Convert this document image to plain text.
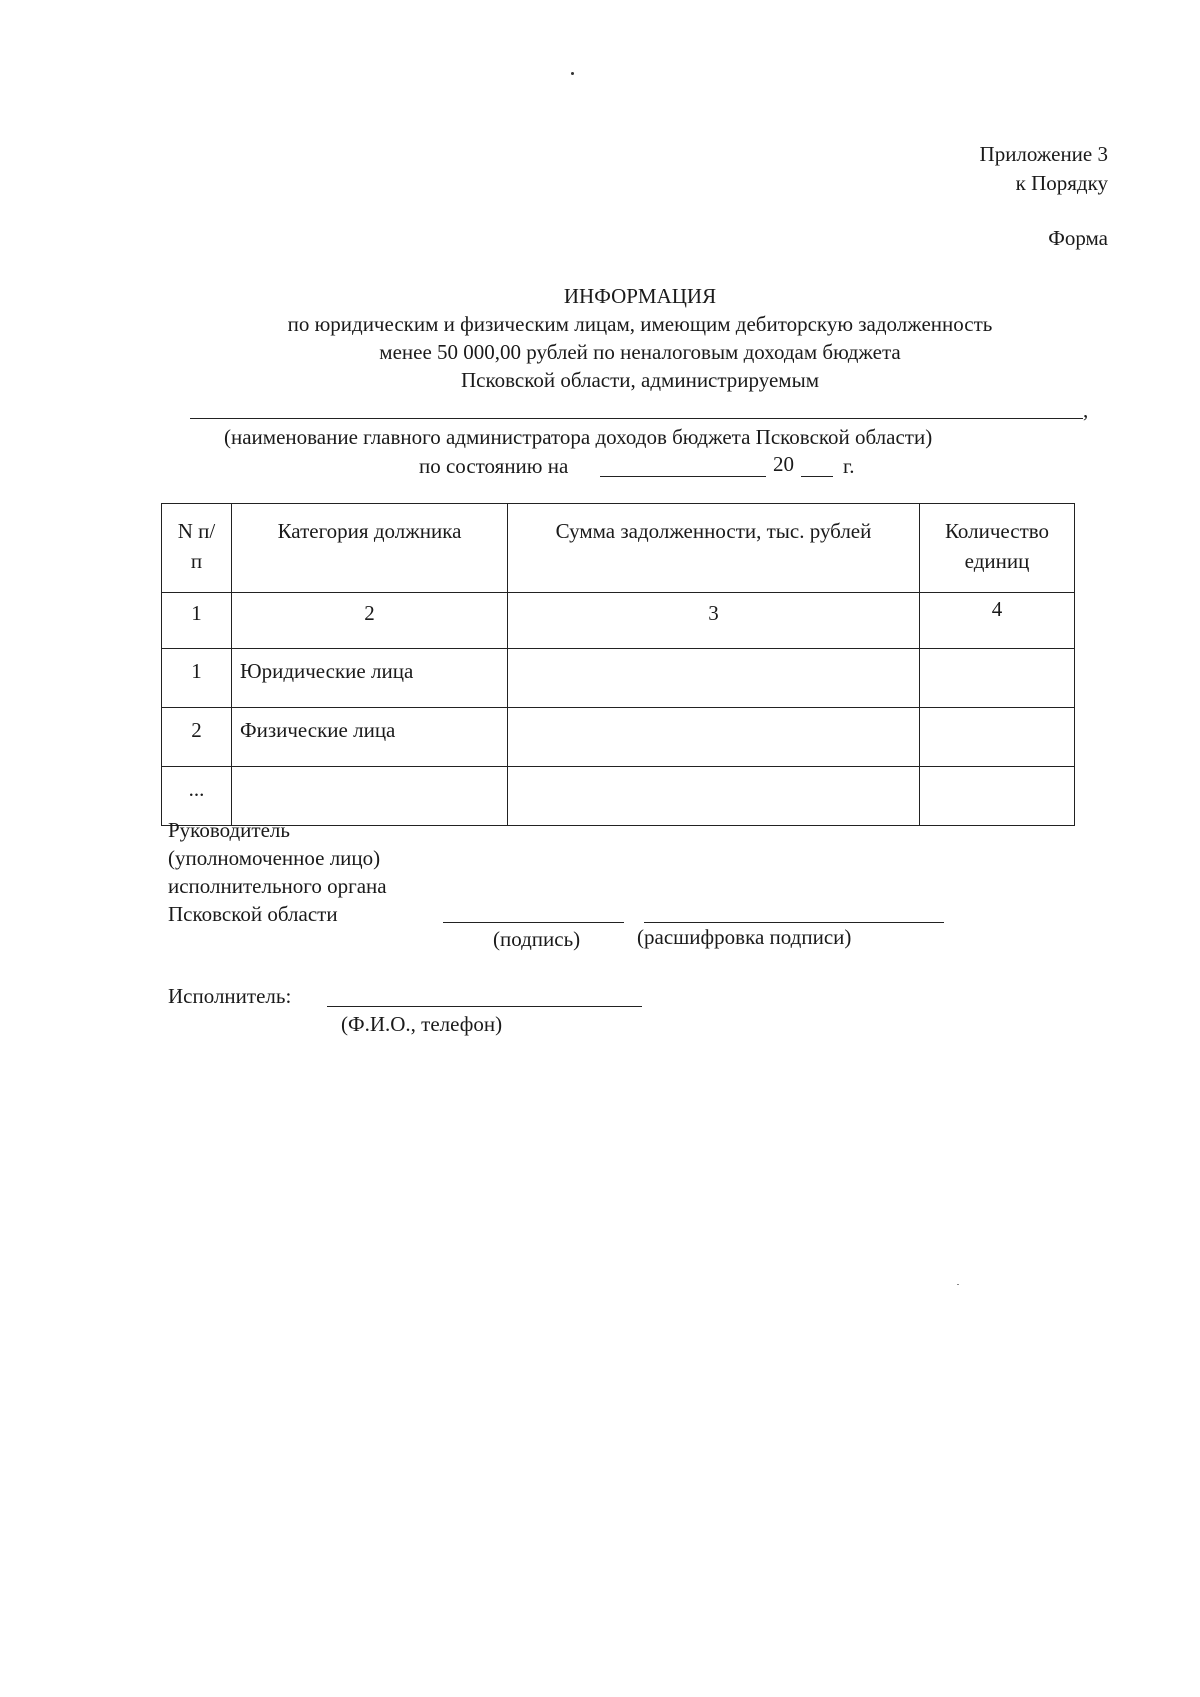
Приложение 3
к Порядку
Форма
ИНФОРМАЦИЯ
по юридическим и физическим лицам, имеющим дебиторскую задолженность
менее 50 000,00 рублей по неналоговым доходам бюджета
Псковской области, администрируемым
,
(наименование главного администратора доходов бюджета Псковской области)
по состоянию на	20 г.
N п/п	Категория должника	Сумма задолженности, тыс. рублей	Количество единиц

1	2	3	4
1	Юридические лица		
2	Физические лица		
...			
Руководитель
(уполномоченное лицо)
исполнительного органа
Псковской области
(подпись)	(расшифровка подписи)
Исполнитель:
(Ф.И.О., телефон)
